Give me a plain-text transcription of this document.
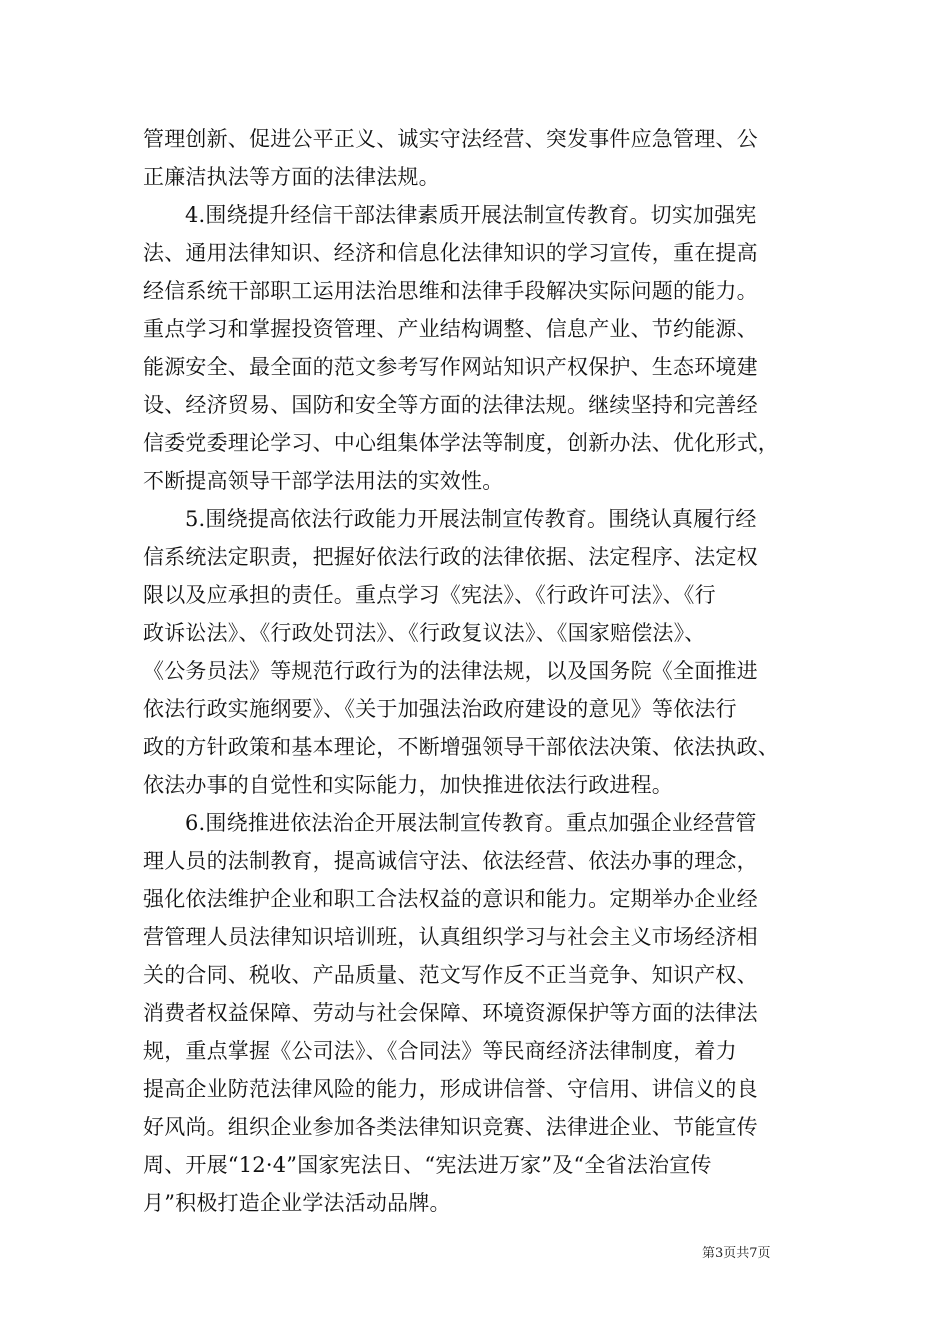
管理创新、促进公平正义、诚实守法经营、突发事件应急管理、公
正廉洁执法等方面的法律法规。
4.围绕提升经信干部法律素质开展法制宣传教育。切实加强宪
法、通用法律知识、经济和信息化法律知识的学习宣传，重在提高
经信系统干部职工运用法治思维和法律手段解决实际问题的能力。
重点学习和掌握投资管理、产业结构调整、信息产业、节约能源、
能源安全、最全面的范文参考写作网站知识产权保护、生态环境建
设、经济贸易、国防和安全等方面的法律法规。继续坚持和完善经
信委党委理论学习、中心组集体学法等制度，创新办法、优化形式，
不断提高领导干部学法用法的实效性。
5.围绕提高依法行政能力开展法制宣传教育。围绕认真履行经
信系统法定职责，把握好依法行政的法律依据、法定程序、法定权
限以及应承担的责任。重点学习《宪法》、《行政许可法》、《行
政诉讼法》、《行政处罚法》、《行政复议法》、《国家赔偿法》、
《公务员法》等规范行政行为的法律法规，以及国务院《全面推进
依法行政实施纲要》、《关于加强法治政府建设的意见》等依法行
政的方针政策和基本理论，不断增强领导干部依法决策、依法执政、
依法办事的自觉性和实际能力，加快推进依法行政进程。
6.围绕推进依法治企开展法制宣传教育。重点加强企业经营管
理人员的法制教育，提高诚信守法、依法经营、依法办事的理念，
强化依法维护企业和职工合法权益的意识和能力。定期举办企业经
营管理人员法律知识培训班，认真组织学习与社会主义市场经济相
关的合同、税收、产品质量、范文写作反不正当竞争、知识产权、
消费者权益保障、劳动与社会保障、环境资源保护等方面的法律法
规，重点掌握《公司法》、《合同法》等民商经济法律制度，着力
提高企业防范法律风险的能力，形成讲信誉、守信用、讲信义的良
好风尚。组织企业参加各类法律知识竞赛、法律进企业、节能宣传
周、开展“12·4”国家宪法日、“宪法进万家”及“全省法治宣传
月”积极打造企业学法活动品牌。
第3页共7页
